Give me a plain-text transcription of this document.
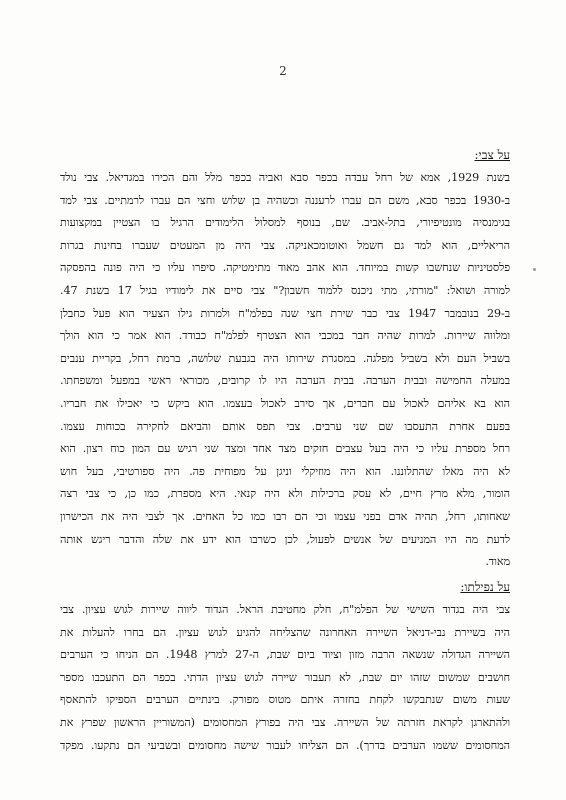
2
על צבי:
בשנת 1929, אמא של רחל עבדה בכפר סבא ואביה בכפר מלל והם הכירו במגדיאל. צבי נולד
ב-1930 בכפר סבא, משם הם עברו לרעננה וכשהיה בן שלוש וחצי הם עברו לרמתיים. צבי למד
בגימנסיה מונטיפיורי, בתל-אביב. שם, בנוסף למסלול הלימודים הרגיל בו הצטיין במקצועות
הריאליים, הוא למד גם חשמל ואוטומכאניקה. צבי היה מן המעטים שעברו בחינות בגרות
פלסטיניות שנחשבו קשות במיוחד. הוא אהב מאוד מתימטיקה. סיפרו עליו כי היה פונה בהפסקה
למורה ושואל: "מורתי, מתי ניכנס ללמוד חשבון?" צבי סיים את לימודיו בגיל 17 בשנת 47.
ב-29 בנובמבר 1947 צבי כבר שירת חצי שנה בפלמ"ח ולמרות גילו הצעיר הוא פעל כחבלן
ומלווה שיירות. למרות שהיה חבר במכבי הוא הצטרף לפלמ"ח כבודד. הוא אמר כי הוא הולך
בשביל העם ולא בשביל מפלגה. במסגרת שירותו היה בגבעת שלושה, ברמת רחל, בקריית ענבים
במעלה החמישה ובבית הערבה. בבית הערבה היו לו קרובים, מכוראי ראשי במפעל ומשפחתו.
הוא בא אליהם לאכול עם חברים, אך סירב לאכול בעצמו. הוא ביקש כי יאכילו את חבריו.
בפעם אחרת התעסבו שם שני ערבים. צבי תפס אותם והביאם לחקירה בכוחות עצמו.
רחל מספרת עליו כי היה בעל עצבים חזקים מצד אחד ומצד שני רגיש עם המון כוח רצון. הוא
לא היה מאלו שהתלוננו. הוא היה מוזיקלי וניגן על מפוחית פה. היה ספורטיבי, בעל חוש
הומור, מלא מרץ חיים, לא עסק ברכילות ולא היה קנאי. היא מספרת, כמו כן, כי צבי רצה
שאחותו, רחל, תהיה אדם בפני עצמו וכי הם רבו כמו כל האחים. אך לצבי היה את הכישרון
לדעת מה היו המניעים של אנשים לפעול, לכן כשרבו הוא ידע את שלה והדבר ריגש אותה
מאוד.
על נפילתו:
צבי היה בגדוד השישי של הפלמ"ח, חלק מחטיבת הראל. הגדוד ליווה שיירות לגוש עציון. צבי
היה בשיירת נבי-דניאל השיירה האחרונה שהצליחה להגיע לגוש עציון. הם בחרו להעלות את
השיירה הגדולה שנשאה הרבה מזון וציוד ביום שבת, ה-27 למרץ 1948. הם הניחו כי הערבים
חושבים שמשום שזהו יום שבת, לא תעבור שיירה לגוש עציון הדתי. בכפר הם התעכבו מספר
שעות משום שנתבקשו לקחת בחזרה איתם מטוס מפורק. בינתיים הערבים הספיקו להתאסף
ולהתארגן לקראת חזרתה של השיירה. צבי היה בפורץ המחסומים (המשוריין הראשון שפרץ את
המחסומים ששמו הערבים בדרך). הם הצליחו לעבור שישה מחסומים ובשביעי הם נתקעו. מפקד
